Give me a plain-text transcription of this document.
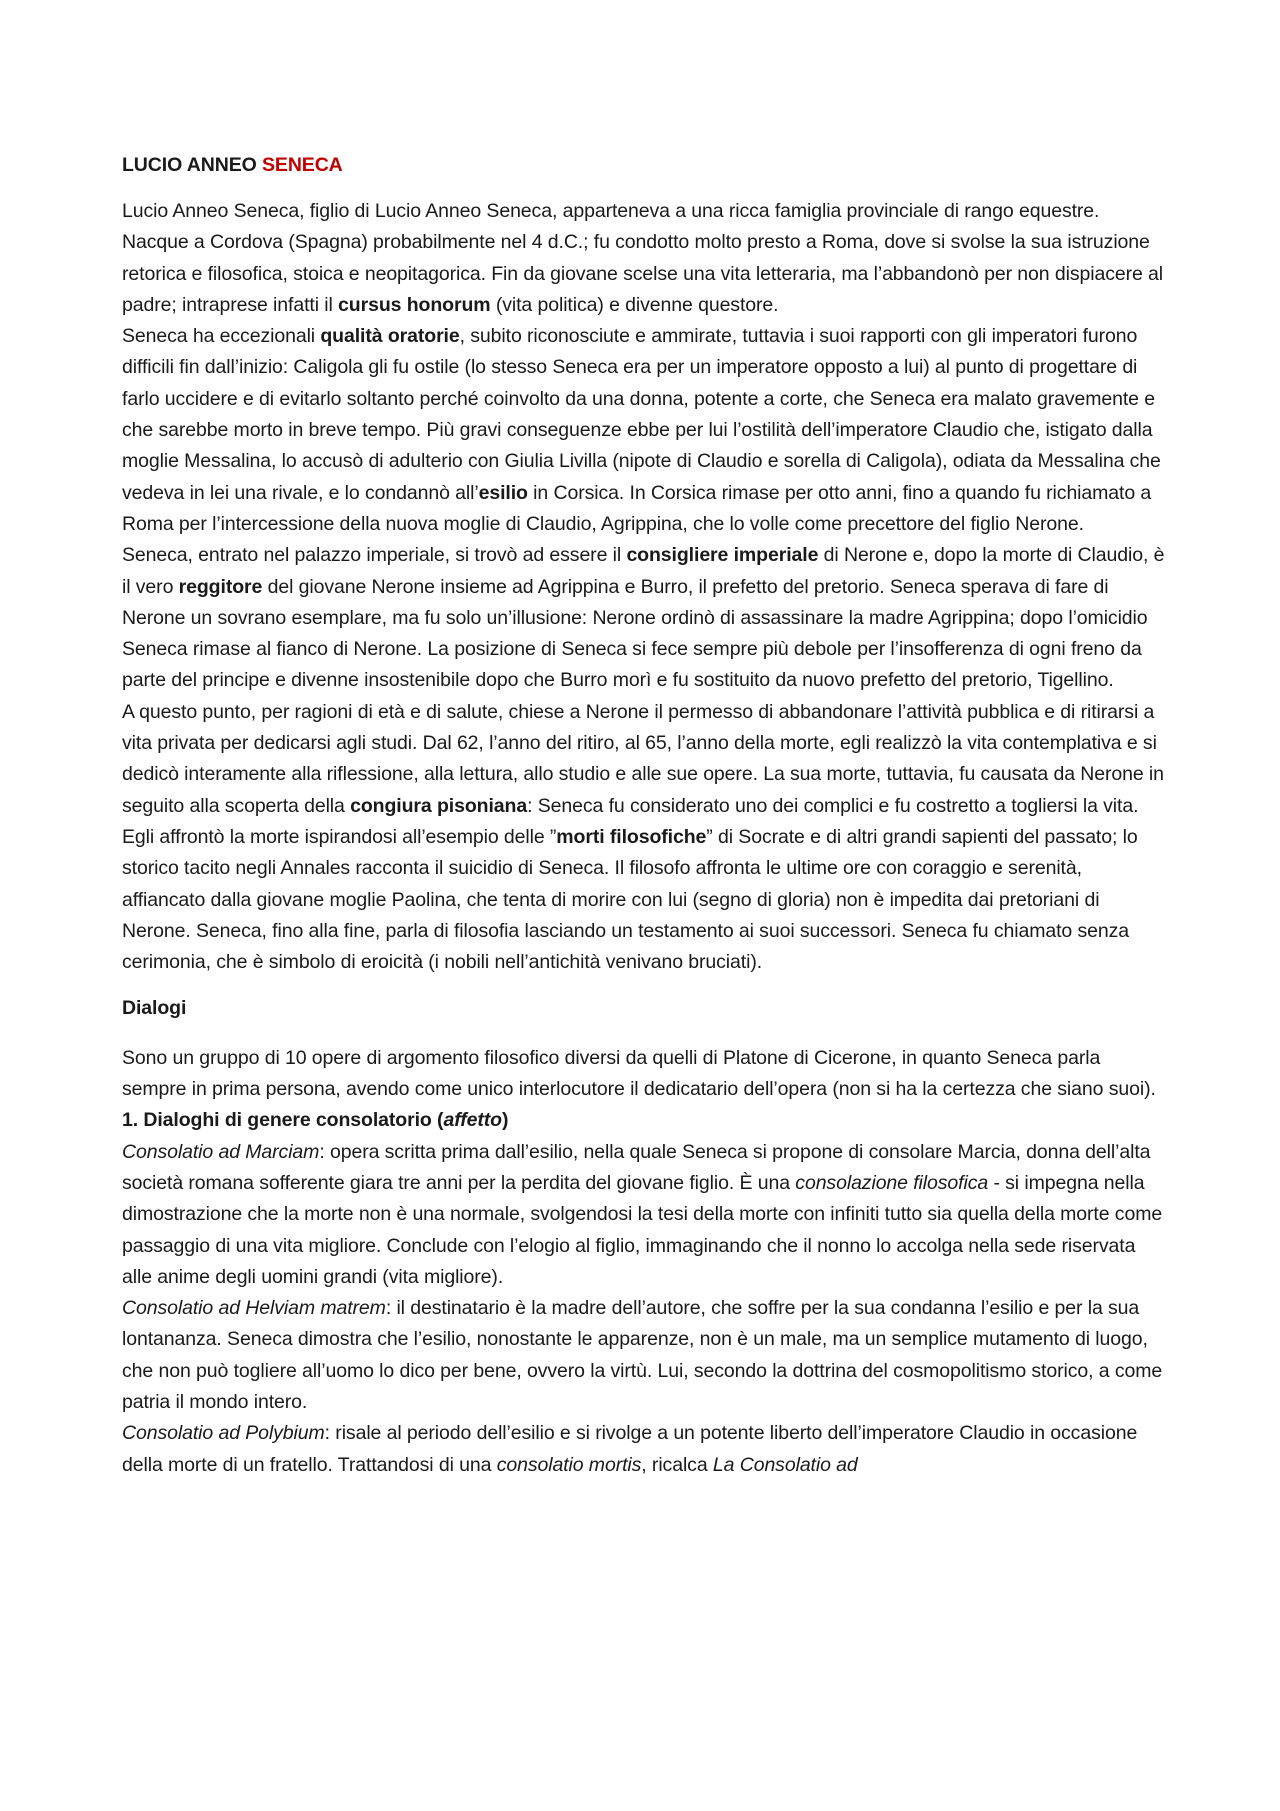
LUCIO ANNEO SENECA

Lucio Anneo Seneca, figlio di Lucio Anneo Seneca, apparteneva a una ricca famiglia provinciale di rango equestre. Nacque a Cordova (Spagna) probabilmente nel 4 d.C.; fu condotto molto presto a Roma, dove si svolse la sua istruzione retorica e filosofica, stoica e neopitagorica. Fin da giovane scelse una vita letteraria, ma l’abbandonò per non dispiacere al padre; intraprese infatti il cursus honorum (vita politica) e divenne questore.

Seneca ha eccezionali qualità oratorie, subito riconosciute e ammirate, tuttavia i suoi rapporti con gli imperatori furono difficili fin dall’inizio: Caligola gli fu ostile (lo stesso Seneca era per un imperatore opposto a lui) al punto di progettare di farlo uccidere e di evitarlo soltanto perché coinvolto da una donna, potente a corte, che Seneca era malato gravemente e che sarebbe morto in breve tempo. Più gravi conseguenze ebbe per lui l’ostilità dell’imperatore Claudio che, istigato dalla moglie Messalina, lo accusò di adulterio con Giulia Livilla (nipote di Claudio e sorella di Caligola), odiata da Messalina che vedeva in lei una rivale, e lo condannò all’esilio in Corsica. In Corsica rimase per otto anni, fino a quando fu richiamato a Roma per l’intercessione della nuova moglie di Claudio, Agrippina, che lo volle come precettore del figlio Nerone.

Seneca, entrato nel palazzo imperiale, si trovò ad essere il consigliere imperiale di Nerone e, dopo la morte di Claudio, è il vero reggitore del giovane Nerone insieme ad Agrippina e Burro, il prefetto del pretorio. Seneca sperava di fare di Nerone un sovrano esemplare, ma fu solo un’illusione: Nerone ordinò di assassinare la madre Agrippina; dopo l’omicidio Seneca rimase al fianco di Nerone. La posizione di Seneca si fece sempre più debole per l’insofferenza di ogni freno da parte del principe e divenne insostenibile dopo che Burro morì e fu sostituito da nuovo prefetto del pretorio, Tigellino.

A questo punto, per ragioni di età e di salute, chiese a Nerone il permesso di abbandonare l’attività pubblica e di ritirarsi a vita privata per dedicarsi agli studi. Dal 62, l’anno del ritiro, al 65, l’anno della morte, egli realizzò la vita contemplativa e si dedicò interamente alla riflessione, alla lettura, allo studio e alle sue opere. La sua morte, tuttavia, fu causata da Nerone in seguito alla scoperta della congiura pisoniana: Seneca fu considerato uno dei complici e fu costretto a togliersi la vita. Egli affrontò la morte ispirandosi all’esempio delle ”morti filosofiche” di Socrate e di altri grandi sapienti del passato; lo storico tacito negli Annales racconta il suicidio di Seneca. Il filosofo affronta le ultime ore con coraggio e serenità, affiancato dalla giovane moglie Paolina, che tenta di morire con lui (segno di gloria) non è impedita dai pretoriani di Nerone. Seneca, fino alla fine, parla di filosofia lasciando un testamento ai suoi successori. Seneca fu chiamato senza cerimonia, che è simbolo di eroicità (i nobili nell’antichità venivano bruciati).

Dialogi

Sono un gruppo di 10 opere di argomento filosofico diversi da quelli di Platone di Cicerone, in quanto Seneca parla sempre in prima persona, avendo come unico interlocutore il dedicatario dell’opera (non si ha la certezza che siano suoi).

1. Dialoghi di genere consolatorio (affetto)

Consolatio ad Marciam: opera scritta prima dall’esilio, nella quale Seneca si propone di consolare Marcia, donna dell’alta società romana sofferente giara tre anni per la perdita del giovane figlio. È una consolazione filosofica - si impegna nella dimostrazione che la morte non è una normale, svolgendosi la tesi della morte con infiniti tutto sia quella della morte come passaggio di una vita migliore. Conclude con l’elogio al figlio, immaginando che il nonno lo accolga nella sede riservata alle anime degli uomini grandi (vita migliore).

Consolatio ad Helviam matrem: il destinatario è la madre dell’autore, che soffre per la sua condanna l’esilio e per la sua lontananza. Seneca dimostra che l’esilio, nonostante le apparenze, non è un male, ma un semplice mutamento di luogo, che non può togliere all’uomo lo dico per bene, ovvero la virtù. Lui, secondo la dottrina del cosmopolitismo storico, a come patria il mondo intero.

Consolatio ad Polybium: risale al periodo dell’esilio e si rivolge a un potente liberto dell’imperatore Claudio in occasione della morte di un fratello. Trattandosi di una consolatio mortis, ricalca La Consolatio ad
